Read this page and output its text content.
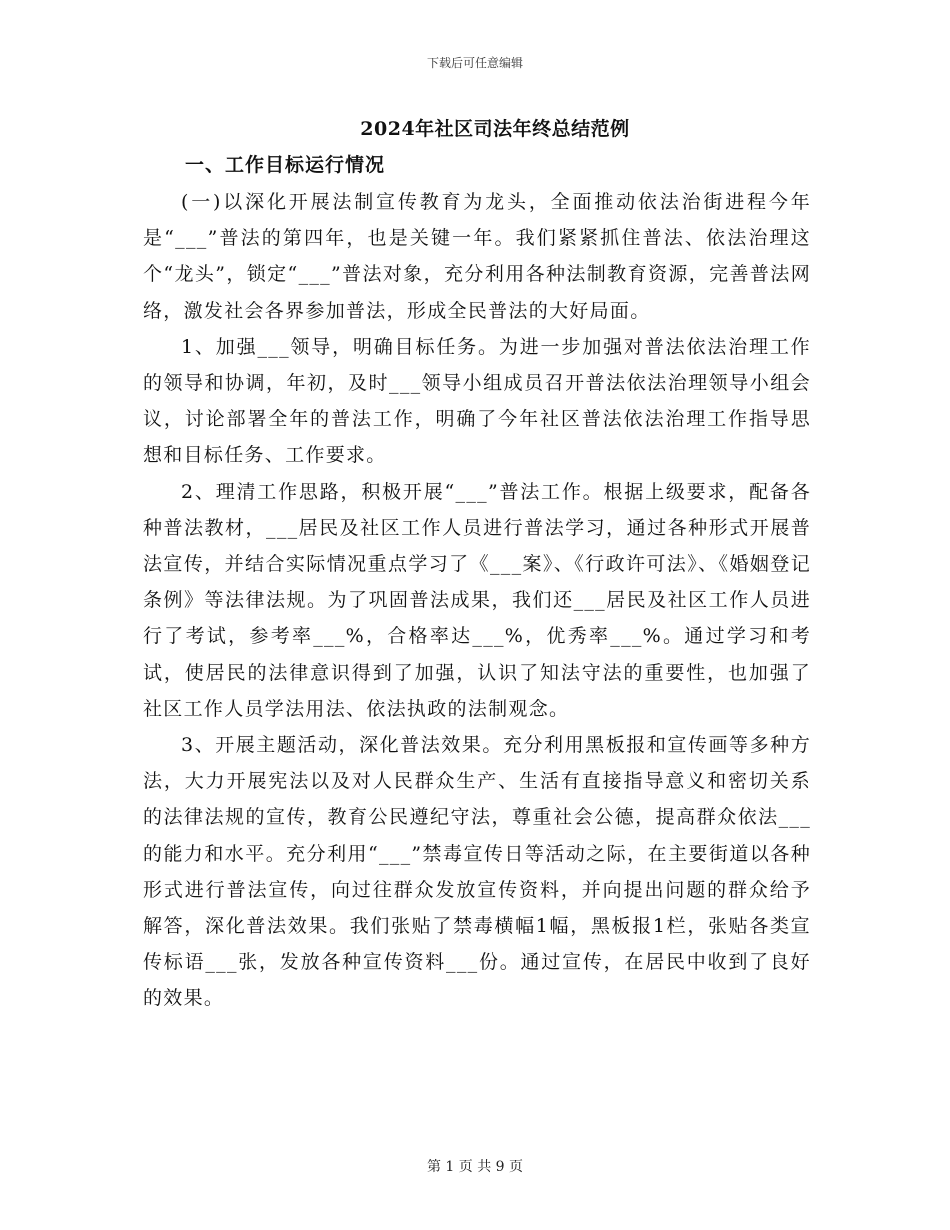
下载后可任意编辑
2024年社区司法年终总结范例
一、工作目标运行情况

(一)以深化开展法制宣传教育为龙头，全面推动依法治街进程今年是“___”普法的第四年，也是关键一年。我们紧紧抓住普法、依法治理这个“龙头”，锁定“___”普法对象，充分利用各种法制教育资源，完善普法网络，激发社会各界参加普法，形成全民普法的大好局面。

1、加强___领导，明确目标任务。为进一步加强对普法依法治理工作的领导和协调，年初，及时___领导小组成员召开普法依法治理领导小组会议，讨论部署全年的普法工作，明确了今年社区普法依法治理工作指导思想和目标任务、工作要求。

2、理清工作思路，积极开展“___”普法工作。根据上级要求，配备各种普法教材，___居民及社区工作人员进行普法学习，通过各种形式开展普法宣传，并结合实际情况重点学习了《___案》、《行政许可法》、《婚姻登记条例》等法律法规。为了巩固普法成果，我们还___居民及社区工作人员进行了考试，参考率___%，合格率达___%，优秀率___%。通过学习和考试，使居民的法律意识得到了加强，认识了知法守法的重要性，也加强了社区工作人员学法用法、依法执政的法制观念。

3、开展主题活动，深化普法效果。充分利用黑板报和宣传画等多种方法，大力开展宪法以及对人民群众生产、生活有直接指导意义和密切关系的法律法规的宣传，教育公民遵纪守法，尊重社会公德，提高群众依法___的能力和水平。充分利用“___”禁毒宣传日等活动之际，在主要街道以各种形式进行普法宣传，向过往群众发放宣传资料，并向提出问题的群众给予解答，深化普法效果。我们张贴了禁毒横幅1幅，黑板报1栏，张贴各类宣传标语___张，发放各种宣传资料___份。通过宣传，在居民中收到了良好的效果。

第 1 页 共 9 页
